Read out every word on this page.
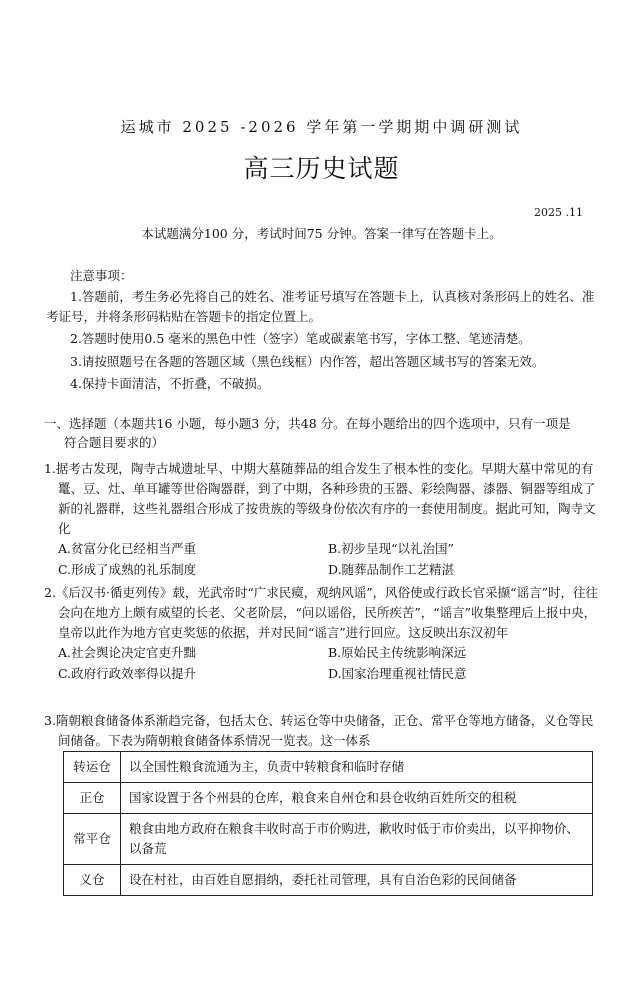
运城市 2025 -2026 学年第一学期期中调研测试
高三历史试题
2025 .11
本试题满分100 分，考试时间75 分钟。答案一律写在答题卡上。
注意事项：

1.答题前，考生务必先将自己的姓名、准考证号填写在答题卡上，认真核对条形码上的姓名、准考证号，并将条形码粘贴在答题卡的指定位置上。

2.答题时使用0.5 毫米的黑色中性（签字）笔或碳素笔书写，字体工整、笔迹清楚。

3.请按照题号在各题的答题区域（黑色线框）内作答，超出答题区域书写的答案无效。

4.保持卡面清洁，不折叠，不破损。

一、选择题（本题共16 小题，每小题3 分，共48 分。在每小题给出的四个选项中，只有一项是

符合题目要求的）

1.据考古发现，陶寺古城遗址早、中期大墓随葬品的组合发生了根本性的变化。早期大墓中常见的有鼍、豆、灶、单耳罐等世俗陶器群，到了中期，各种珍贵的玉器、彩绘陶器、漆器、铜器等组成了新的礼器群，这些礼器组合形成了按贵族的等级身份依次有序的一套使用制度。据此可知，陶寺文化

A.贫富分化已经相当严重	B.初步呈现“以礼治国”
C.形成了成熟的礼乐制度	D.随葬品制作工艺精湛

2.《后汉书·循吏列传》载，光武帝时“广求民瘼，观纳风谣”，风俗使或行政长官采撷“谣言”时，往往会向在地方上颇有威望的长老、父老阶层，“问以谣俗，民所疾苦”，“谣言”收集整理后上报中央，皇帝以此作为地方官吏奖惩的依据，并对民间“谣言”进行回应。这反映出东汉初年

A.社会舆论决定官吏升黜	B.原始民主传统影响深远
C.政府行政效率得以提升	D.国家治理重视社情民意

3.隋朝粮食储备体系渐趋完备，包括太仓、转运仓等中央储备，正仓、常平仓等地方储备，义仓等民间储备。下表为隋朝粮食储备体系情况一览表。这一体系

转运仓	以全国性粮食流通为主，负责中转粮食和临时存储
正仓	国家设置于各个州县的仓库，粮食来自州仓和县仓收纳百姓所交的租税
常平仓	粮食由地方政府在粮食丰收时高于市价购进，歉收时低于市价卖出，以平抑物价、以备荒
义仓	设在村社，由百姓自愿捐纳，委托社司管理，具有自治色彩的民间储备
